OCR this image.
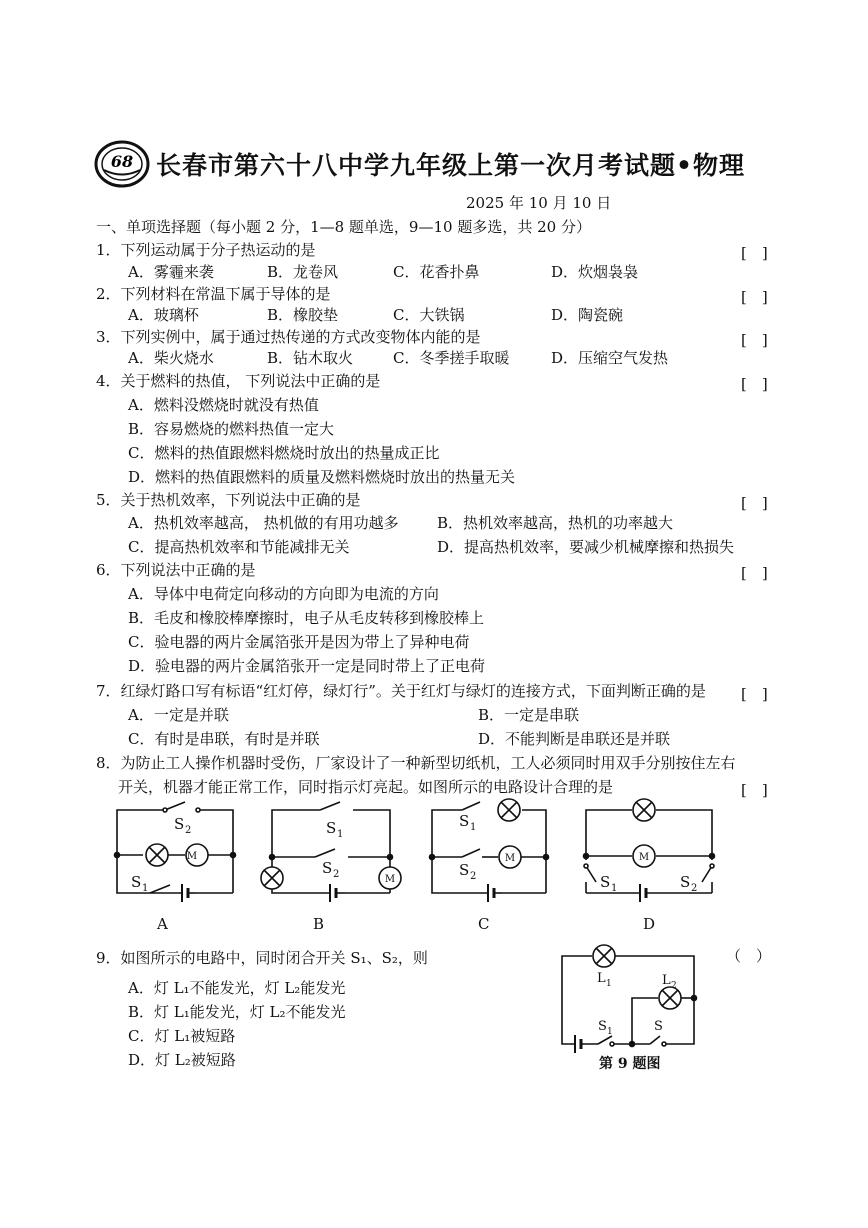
68 长春市第六十八中学九年级上第一次月考试题•物理
2025 年 10 月 10 日
一、单项选择题（每小题 2 分，1—8 题单选，9—10 题多选，共 20 分）
1．下列运动属于分子热运动的是	[　]
A．雾霾来袭	B．龙卷风	C．花香扑鼻	D．炊烟袅袅
2．下列材料在常温下属于导体的是	[　]
A．玻璃杯	B．橡胶垫	C．大铁锅	D．陶瓷碗
3．下列实例中，属于通过热传递的方式改变物体内能的是	[　]
A．柴火烧水	B．钻木取火	C．冬季搓手取暖	D．压缩空气发热
4．关于燃料的热值， 下列说法中正确的是	[　]
A．燃料没燃烧时就没有热值
B．容易燃烧的燃料热值一定大
C．燃料的热值跟燃料燃烧时放出的热量成正比
D．燃料的热值跟燃料的质量及燃料燃烧时放出的热量无关
5．关于热机效率，下列说法中正确的是	[　]
A．热机效率越高， 热机做的有用功越多	B．热机效率越高，热机的功率越大
C．提高热机效率和节能减排无关	D．提高热机效率，要减少机械摩擦和热损失
6．下列说法中正确的是	[　]
A．导体中电荷定向移动的方向即为电流的方向
B．毛皮和橡胶棒摩擦时，电子从毛皮转移到橡胶棒上
C．验电器的两片金属箔张开是因为带上了异种电荷
D．验电器的两片金属箔张开一定是同时带上了正电荷
7．红绿灯路口写有标语“红灯停，绿灯行”。关于红灯与绿灯的连接方式，下面判断正确的是 [　]
A．一定是并联	B．一定是串联
C．有时是串联，有时是并联	D．不能判断是串联还是并联
8．为防止工人操作机器时受伤，厂家设计了一种新型切纸机，工人必须同时用双手分别按住左右
开关，机器才能正常工作，同时指示灯亮起。如图所示的电路设计合理的是	[　]
S 2
M
S 1
A
S 1
S 2	M
B
S 1
S 2
M
C
M
S 1	S 2
D
L 1	L 2
S 1	S
第 9 题图
9．如图所示的电路中，同时闭合开关 S₁、S₂，则	（　）
A．灯 L₁不能发光，灯 L₂能发光
B．灯 L₁能发光，灯 L₂不能发光
C．灯 L₁被短路
D．灯 L₂被短路
